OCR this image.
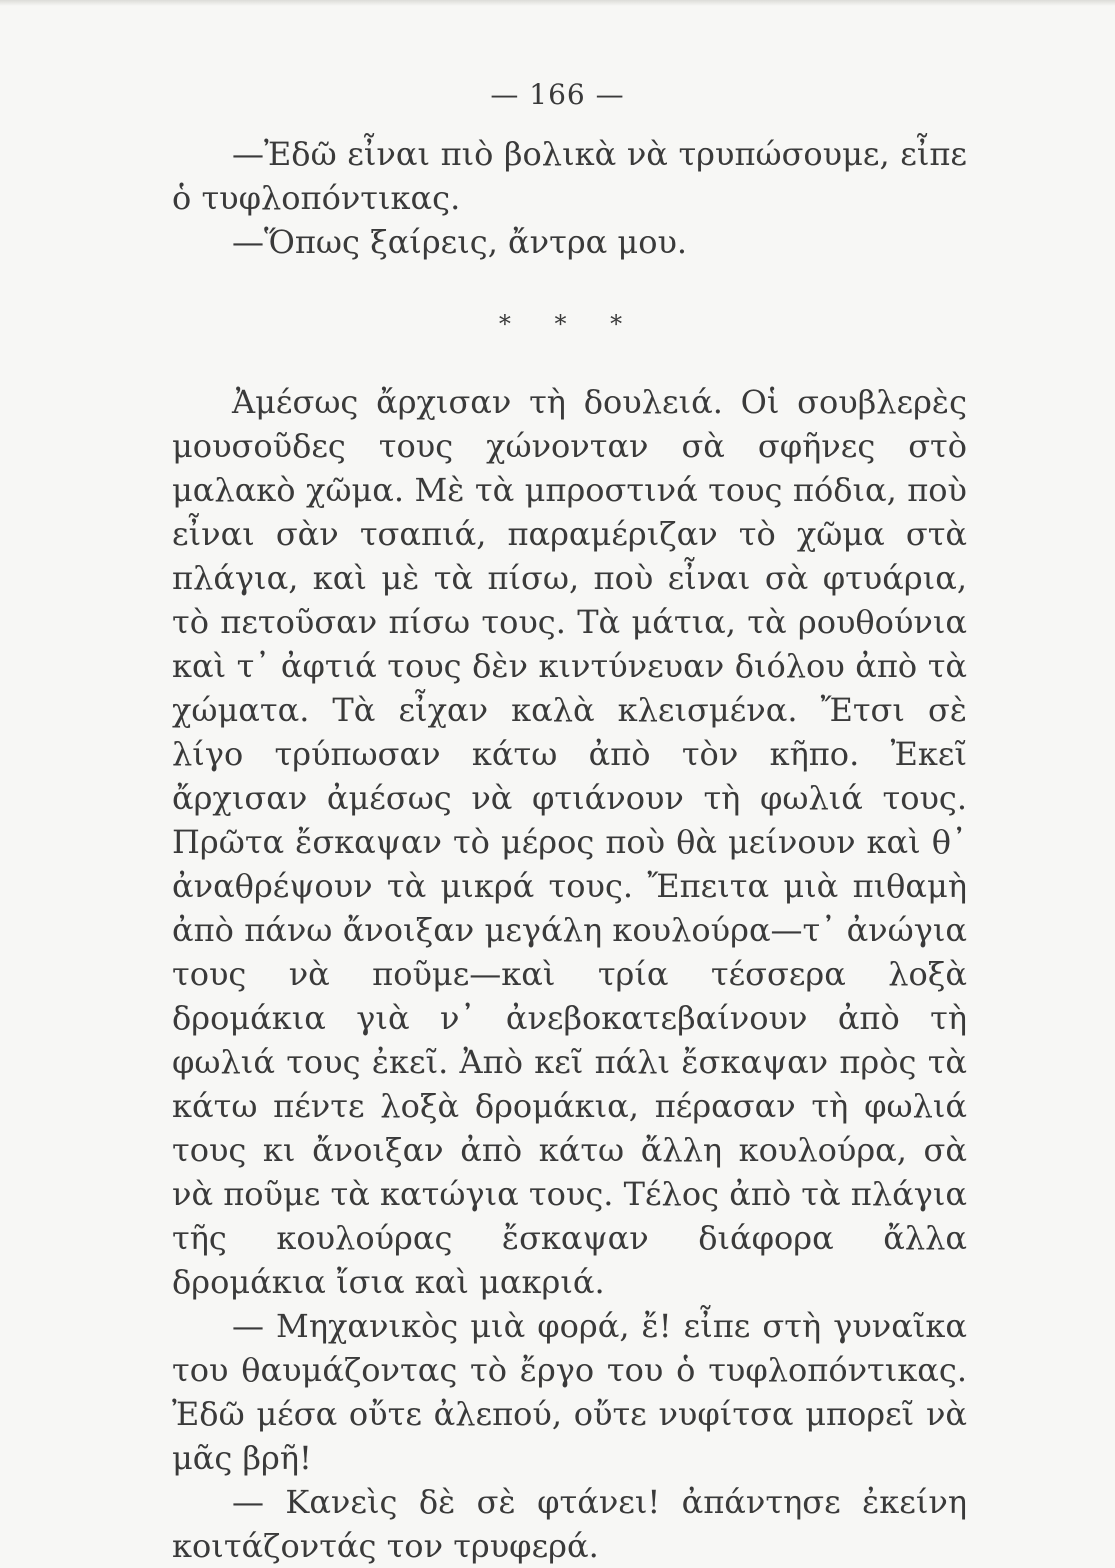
— 166 —

—Ἐδῶ εἶναι πιὸ βολικὰ νὰ τρυπώσουμε, εἶπε ὁ τυφλοπόντικας.

—Ὅπως ξαίρεις, ἄντρα μου.

* * *

Ἀμέσως ἄρχισαν τὴ δουλειά. Οἱ σουβλερὲς μουσοῦδες τους χώνονταν σὰ σφῆνες στὸ μαλακὸ χῶμα. Μὲ τὰ μπροστινά τους πόδια, ποὺ εἶναι σὰν τσαπιά, παραμέριζαν τὸ χῶμα στὰ πλάγια, καὶ μὲ τὰ πίσω, ποὺ εἶναι σὰ φτυάρια, τὸ πετοῦσαν πίσω τους. Τὰ μάτια, τὰ ρουθούνια καὶ τ᾽ ἀφτιά τους δὲν κιντύνευαν διόλου ἀπὸ τὰ χώματα. Τὰ εἶχαν καλὰ κλεισμένα. Ἔτσι σὲ λίγο τρύπωσαν κάτω ἀπὸ τὸν κῆπο. Ἐκεῖ ἄρχισαν ἀμέσως νὰ φτιάνουν τὴ φωλιά τους. Πρῶτα ἔσκαψαν τὸ μέρος ποὺ θὰ μείνουν καὶ θ᾽ ἀναθρέψουν τὰ μικρά τους. Ἔπειτα μιὰ πιθαμὴ ἀπὸ πάνω ἄνοιξαν μεγάλη κουλούρα—τ᾽ ἀνώγια τους νὰ ποῦμε—καὶ τρία τέσσερα λοξὰ δρομάκια γιὰ ν᾽ ἀνεβοκατεβαίνουν ἀπὸ τὴ φωλιά τους ἐκεῖ. Ἀπὸ κεῖ πάλι ἔσκαψαν πρὸς τὰ κάτω πέντε λοξὰ δρομάκια, πέρασαν τὴ φωλιά τους κι ἄνοιξαν ἀπὸ κάτω ἄλλη κουλούρα, σὰ νὰ ποῦμε τὰ κατώγια τους. Τέλος ἀπὸ τὰ πλάγια τῆς κουλούρας ἔσκαψαν διάφορα ἄλλα δρομάκια ἴσια καὶ μακριά.

— Μηχανικὸς μιὰ φορά, ἔ! εἶπε στὴ γυναῖκα του θαυμάζοντας τὸ ἔργο του ὁ τυφλοπόντικας. Ἐδῶ μέσα οὔτε ἀλεπού, οὔτε νυφίτσα μπορεῖ νὰ μᾶς βρῆ!

— Κανεὶς δὲ σὲ φτάνει! ἀπάντησε ἐκείνη κοιτάζοντάς τον τρυφερά.
